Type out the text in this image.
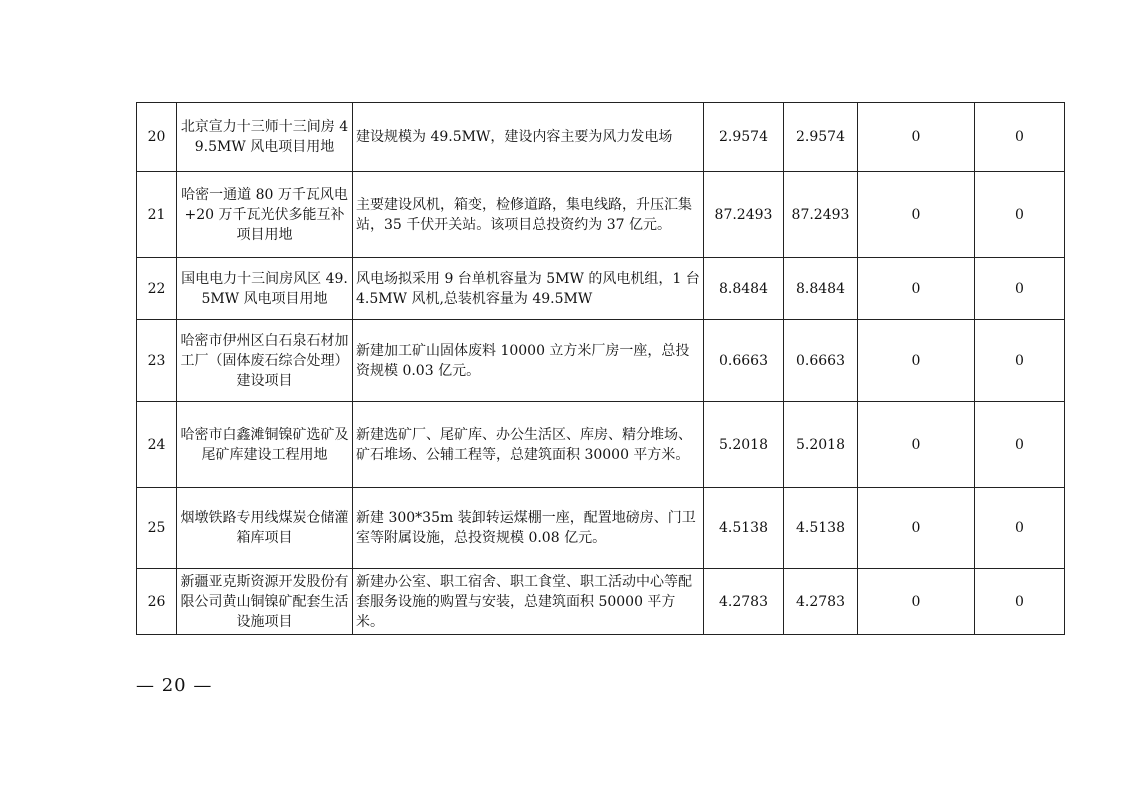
20	北京宣力十三师十三间房 49.5MW 风电项目用地	建设规模为 49.5MW，建设内容主要为风力发电场	2.9574	2.9574	0	0
21	哈密一通道 80 万千瓦风电+20 万千瓦光伏多能互补项目用地	主要建设风机，箱变，检修道路，集电线路，升压汇集站，35 千伏开关站。该项目总投资约为 37 亿元。	87.2493	87.2493	0	0
22	国电电力十三间房风区 49.5MW 风电项目用地	风电场拟采用 9 台单机容量为 5MW 的风电机组，1 台 4.5MW 风机,总装机容量为 49.5MW	8.8484	8.8484	0	0
23	哈密市伊州区白石泉石材加工厂（固体废石综合处理）建设项目	新建加工矿山固体废料 10000 立方米厂房一座，总投资规模 0.03 亿元。	0.6663	0.6663	0	0
24	哈密市白鑫滩铜镍矿选矿及尾矿库建设工程用地	新建选矿厂、尾矿库、办公生活区、库房、精分堆场、矿石堆场、公辅工程等，总建筑面积 30000 平方米。	5.2018	5.2018	0	0
25	烟墩铁路专用线煤炭仓储灌箱库项目	新建 300*35m 装卸转运煤棚一座，配置地磅房、门卫室等附属设施，总投资规模 0.08 亿元。	4.5138	4.5138	0	0
26	新疆亚克斯资源开发股份有限公司黄山铜镍矿配套生活设施项目	新建办公室、职工宿舍、职工食堂、职工活动中心等配套服务设施的购置与安装，总建筑面积 50000 平方米。	4.2783	4.2783	0	0
— 20 —
